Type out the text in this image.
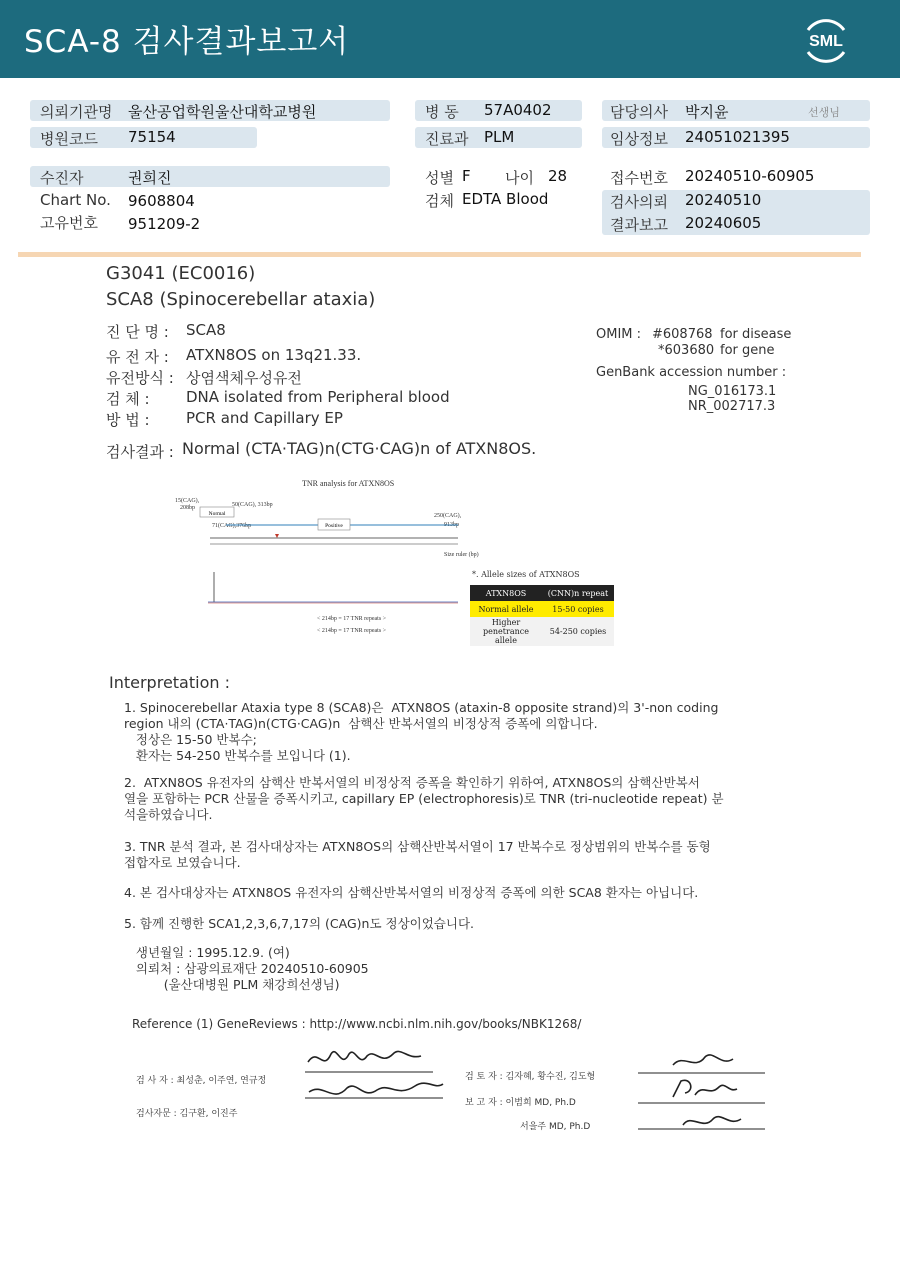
SCA-8 검사결과보고서	SML
의뢰기관명 울산공업학원울산대학교병원
병원코드 75154
병 동 57A0402
진료과 PLM
담당의사 박지윤	선생님
임상정보 24051021395
수진자	권희진
Chart No. 9608804
고유번호 951209-2
성별 F 나이 28
검체 EDTA Blood
접수번호 20240510-60905
검사의뢰 20240510
결과보고 20240605
G3041 (EC0016)
SCA8 (Spinocerebellar ataxia)
진 단 명 : SCA8
유 전 자 : ATXN8OS on 13q21.33.
유전방식 : 상염색체우성유전
검 체 : DNA isolated from Peripheral blood
방 법 : PCR and Capillary EP
OMIM : #608768 for disease
*603680 for gene
GenBank accession number :
NG_016173.1
NR_002717.3
검사결과 : Normal (CTA·TAG)n(CTG·CAG)n of ATXN8OS.
TNR analysis for ATXN8OS
15(CAG),
208bp	50(CAG), 313bp
71(CAG),376bp
250(CAG),
913bp
Size ruler (bp)
< 214bp = 17 TNR repeats >
< 214bp = 17 TNR repeats >
Normal
Positive
*. Allele sizes of ATXN8OS
ATXN8OS	(CNN)n repeat
Normal allele	15-50 copies
Higher penetrance allele	54-250 copies
Interpretation :
1. Spinocerebellar Ataxia type 8 (SCA8)은  ATXN8OS (ataxin-8 opposite strand)의 3'-non coding
region 내의 (CTA·TAG)n(CTG·CAG)n  삼핵산 반복서열의 비정상적 증폭에 의합니다.
정상은 15-50 반복수;
환자는 54-250 반복수를 보입니다 (1).
2.  ATXN8OS 유전자의 삼핵산 반복서열의 비정상적 증폭을 확인하기 위하여, ATXN8OS의 삼핵산반복서
열을 포함하는 PCR 산물을 증폭시키고, capillary EP (electrophoresis)로 TNR (tri-nucleotide repeat) 분
석을하였습니다.
3. TNR 분석 결과, 본 검사대상자는 ATXN8OS의 삼핵산반복서열이 17 반복수로 정상범위의 반복수를 동형
접합자로 보였습니다.
4. 본 검사대상자는 ATXN8OS 유전자의 삼핵산반복서열의 비정상적 증폭에 의한 SCA8 환자는 아닙니다.
5. 함께 진행한 SCA1,2,3,6,7,17의 (CAG)n도 정상이었습니다.
생년월일 : 1995.12.9. (여)
의뢰처 : 삼광의료재단 20240510-60905
(울산대병원 PLM 채강희선생님)
Reference (1) GeneReviews : http://www.ncbi.nlm.nih.gov/books/NBK1268/
검 사 자 : 최성춘, 이주연, 연규정
검사자문 : 김구환, 이진주
검 토 자 : 김자혜, 황수진, 김도형
보 고 자 : 이범희 MD, Ph.D
서을주 MD, Ph.D
